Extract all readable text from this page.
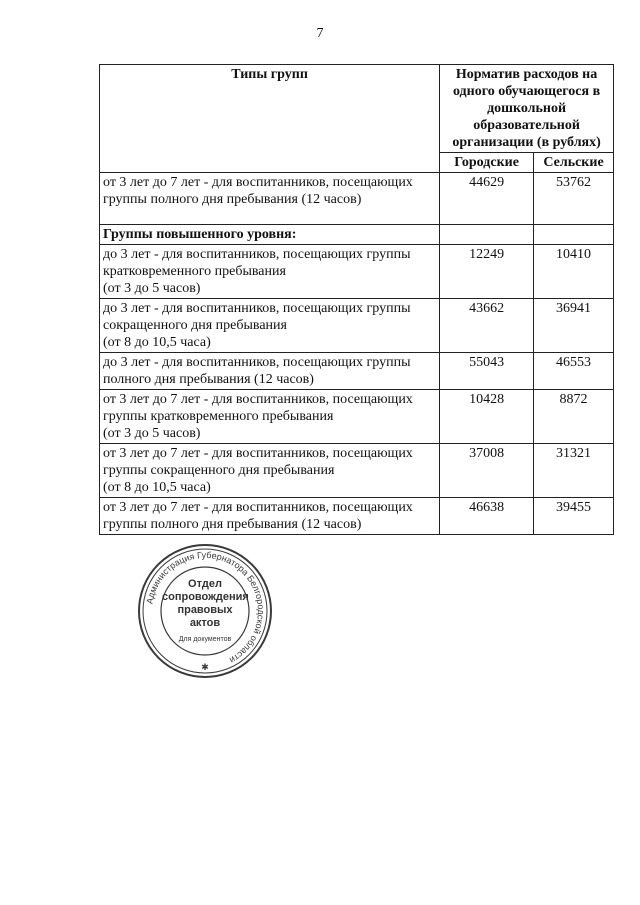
7
Типы групп	Норматив расходов на одного обучающегося в дошкольной образовательной организации (в рублях)	
	Городские	Сельские
от 3 лет до 7 лет - для воспитанников, посещающих группы полного дня пребывания (12 часов)	44629	53762
Группы повышенного уровня:		

до 3 лет - для воспитанников, посещающих группы
кратковременного пребывания
(от 3 до 5 часов)	12249	10410

до 3 лет - для воспитанников, посещающих группы
сокращенного дня пребывания
(от 8 до 10,5 часа)	43662	36941

до 3 лет - для воспитанников, посещающих группы
полного дня пребывания (12 часов)	55043	46553

от 3 лет до 7 лет - для воспитанников, посещающих
группы кратковременного пребывания
(от 3 до 5 часов)	10428	8872

от 3 лет до 7 лет - для воспитанников, посещающих
группы сокращенного дня пребывания
(от 8 до 10,5 часа)	37008	31321

от 3 лет до 7 лет - для воспитанников, посещающих
группы полного дня пребывания (12 часов)	46638	39455
Администрация Губернатора Белгородской области
✱
Отдел
сопровождения
правовых
актов
Для документов
